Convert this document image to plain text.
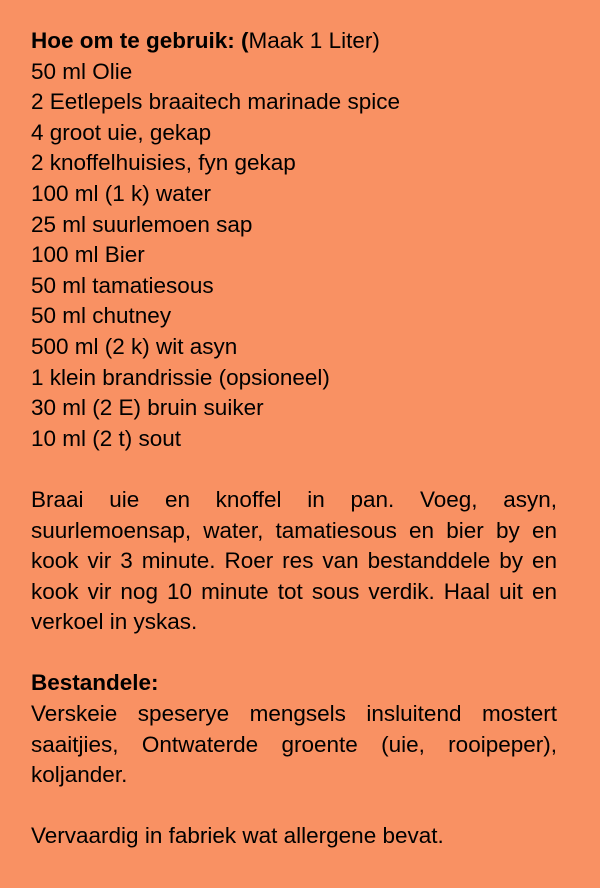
Hoe om te gebruik: (Maak 1 Liter)
50 ml Olie
2 Eetlepels braaitech marinade spice
4 groot uie, gekap
2 knoffelhuisies, fyn gekap
100 ml (1 k) water
25 ml suurlemoen sap
100 ml Bier
50 ml tamatiesous
50 ml chutney
500 ml (2 k) wit asyn
1 klein brandrissie (opsioneel)
30 ml (2 E) bruin suiker
10 ml (2 t) sout

Braai uie en knoffel in pan. Voeg, asyn, suurlemoensap, water, tamatiesous en bier by en kook vir 3 minute. Roer res van bestanddele by en kook vir nog 10 minute tot sous verdik. Haal uit en verkoel in yskas.

Bestandele:

Verskeie speserye mengsels insluitend mostert saaitjies, Ontwaterde groente (uie, rooipeper), koljander.

Vervaardig in fabriek wat allergene bevat.
